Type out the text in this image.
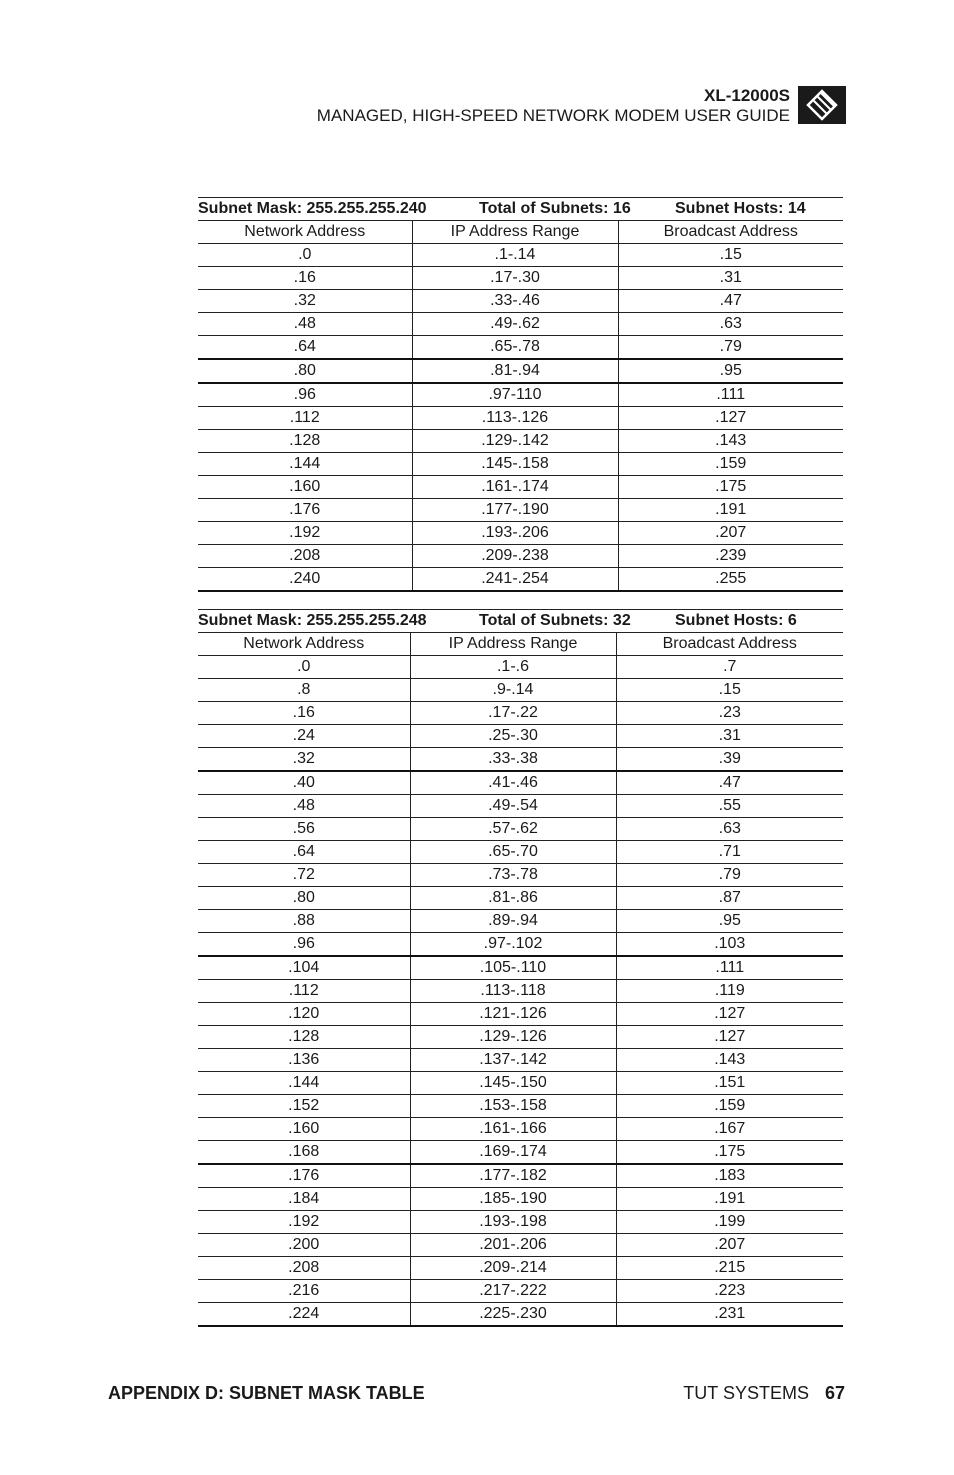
XL-12000S
MANAGED, HIGH-SPEED NETWORK MODEM USER GUIDE
Subnet Mask: 255.255.255.240 Total of Subnets: 16 Subnet Hosts: 14		
Network Address	IP Address Range	Broadcast Address
.0	.1-.14	.15
.16	.17-.30	.31
.32	.33-.46	.47
.48	.49-.62	.63
.64	.65-.78	.79
.80	.81-.94	.95
.96	.97-110	.111
.112	.113-.126	.127
.128	.129-.142	.143
.144	.145-.158	.159
.160	.161-.174	.175
.176	.177-.190	.191
.192	.193-.206	.207
.208	.209-.238	.239
.240	.241-.254	.255
Subnet Mask: 255.255.255.248 Total of Subnets: 32 Subnet Hosts: 6		
Network Address	IP Address Range	Broadcast Address
.0	.1-.6	.7
.8	.9-.14	.15
.16	.17-.22	.23
.24	.25-.30	.31
.32	.33-.38	.39
.40	.41-.46	.47
.48	.49-.54	.55
.56	.57-.62	.63
.64	.65-.70	.71
.72	.73-.78	.79
.80	.81-.86	.87
.88	.89-.94	.95
.96	.97-.102	.103
.104	.105-.110	.111
.112	.113-.118	.119
.120	.121-.126	.127
.128	.129-.126	.127
.136	.137-.142	.143
.144	.145-.150	.151
.152	.153-.158	.159
.160	.161-.166	.167
.168	.169-.174	.175
.176	.177-.182	.183
.184	.185-.190	.191
.192	.193-.198	.199
.200	.201-.206	.207
.208	.209-.214	.215
.216	.217-.222	.223
.224	.225-.230	.231
APPENDIX D: SUBNET MASK TABLE	TUT SYSTEMS 67
